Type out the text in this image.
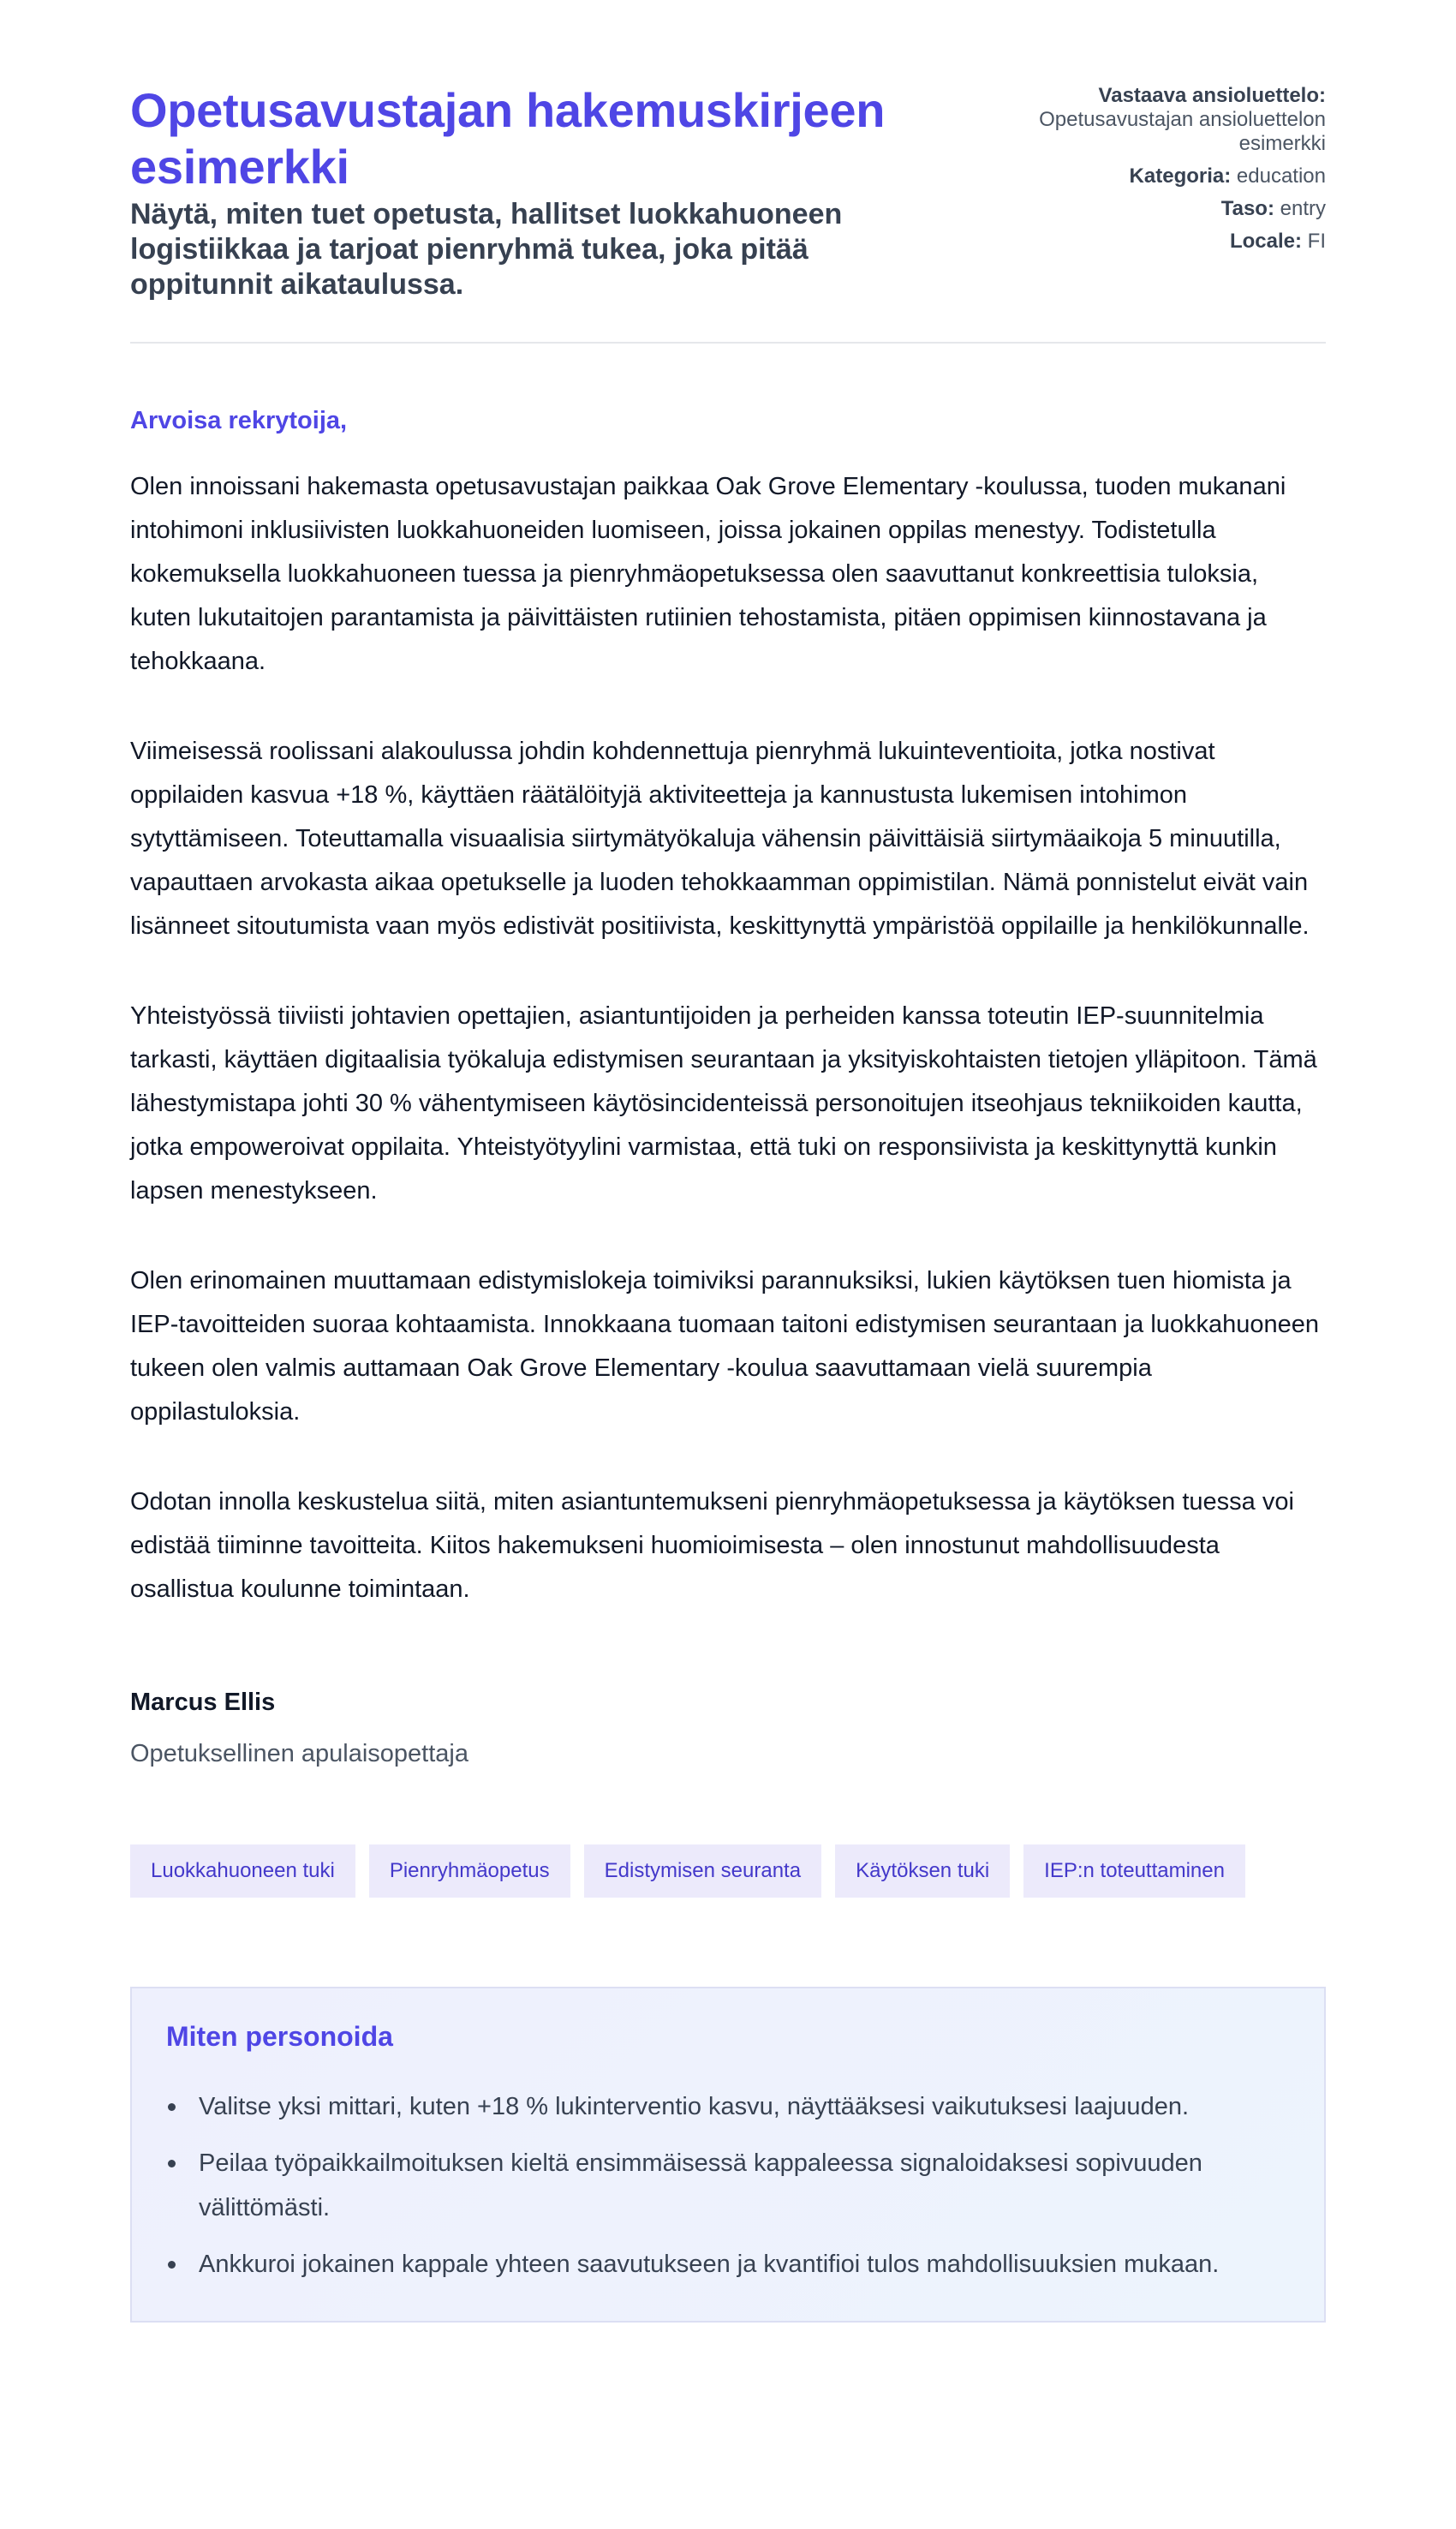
Opetusavustajan hakemuskirjeen esimerkki
Näytä, miten tuet opetusta, hallitset luokkahuoneen logistiikkaa ja tarjoat pienryhmä tukea, joka pitää oppitunnit aikataulussa.
Vastaava ansioluettelo:
Opetusavustajan ansioluettelon esimerkki
Kategoria: education
Taso: entry
Locale: FI

Arvoisa rekrytoija,

Olen innoissani hakemasta opetusavustajan paikkaa Oak Grove Elementary -koulussa, tuoden mukanani intohimoni inklusiivisten luokkahuoneiden luomiseen, joissa jokainen oppilas menestyy. Todistetulla kokemuksella luokkahuoneen tuessa ja pienryhmäopetuksessa olen saavuttanut konkreettisia tuloksia, kuten lukutaitojen parantamista ja päivittäisten rutiinien tehostamista, pitäen oppimisen kiinnostavana ja tehokkaana.

Viimeisessä roolissani alakoulussa johdin kohdennettuja pienryhmä lukuinteventioita, jotka nostivat oppilaiden kasvua +18 %, käyttäen räätälöityjä aktiviteetteja ja kannustusta lukemisen intohimon sytyttämiseen. Toteuttamalla visuaalisia siirtymätyökaluja vähensin päivittäisiä siirtymäaikoja 5 minuutilla, vapauttaen arvokasta aikaa opetukselle ja luoden tehokkaamman oppimistilan. Nämä ponnistelut eivät vain lisänneet sitoutumista vaan myös edistivät positiivista, keskittynyttä ympäristöä oppilaille ja henkilökunnalle.

Yhteistyössä tiiviisti johtavien opettajien, asiantuntijoiden ja perheiden kanssa toteutin IEP-suunnitelmia tarkasti, käyttäen digitaalisia työkaluja edistymisen seurantaan ja yksityiskohtaisten tietojen ylläpitoon. Tämä lähestymistapa johti 30 % vähentymiseen käytösincidenteissä personoitujen itseohjaus tekniikoiden kautta, jotka empoweroivat oppilaita. Yhteistyötyylini varmistaa, että tuki on responsiivista ja keskittynyttä kunkin lapsen menestykseen.

Olen erinomainen muuttamaan edistymislokeja toimiviksi parannuksiksi, lukien käytöksen tuen hiomista ja IEP-tavoitteiden suoraa kohtaamista. Innokkaana tuomaan taitoni edistymisen seurantaan ja luokkahuoneen tukeen olen valmis auttamaan Oak Grove Elementary -koulua saavuttamaan vielä suurempia oppilastuloksia.

Odotan innolla keskustelua siitä, miten asiantuntemukseni pienryhmäopetuksessa ja käytöksen tuessa voi edistää tiiminne tavoitteita. Kiitos hakemukseni huomioimisesta – olen innostunut mahdollisuudesta osallistua koulunne toimintaan.

Marcus Ellis
Opetuksellinen apulaisopettaja
Luokkahuoneen tuki	Pienryhmäopetus	Edistymisen seuranta	Käytöksen tuki	IEP:n toteuttaminen
Miten personoida
Valitse yksi mittari, kuten +18 % lukinterventio kasvu, näyttääksesi vaikutuksesi laajuuden.
Peilaa työpaikkailmoituksen kieltä ensimmäisessä kappaleessa signaloidaksesi sopivuuden välittömästi.
Ankkuroi jokainen kappale yhteen saavutukseen ja kvantifioi tulos mahdollisuuksien mukaan.
